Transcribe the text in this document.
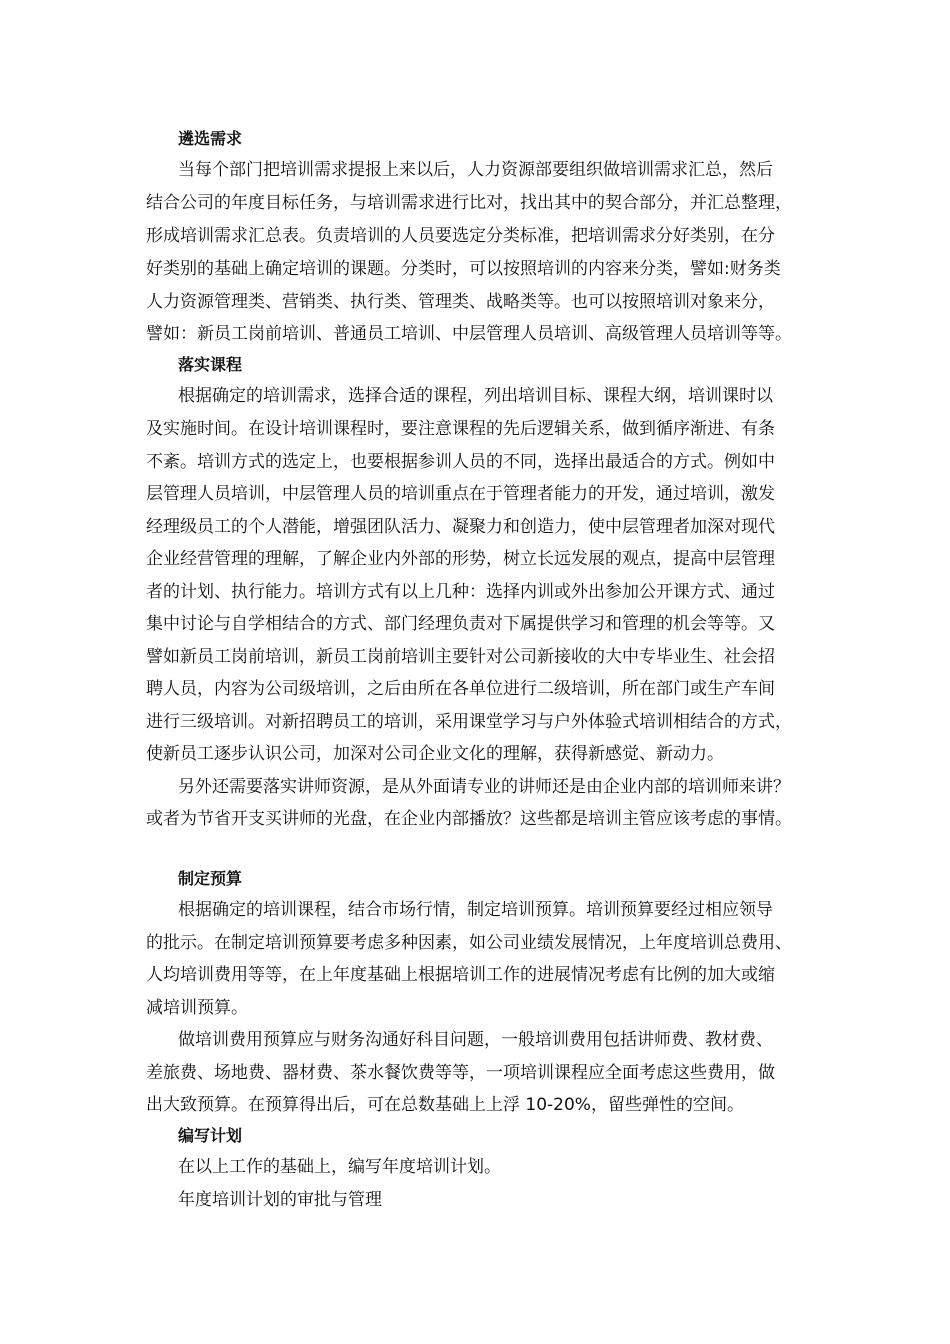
遴选需求
当每个部门把培训需求提报上来以后，人力资源部要组织做培训需求汇总，然后
结合公司的年度目标任务，与培训需求进行比对，找出其中的契合部分，并汇总整理，
形成培训需求汇总表。负责培训的人员要选定分类标准，把培训需求分好类别，在分
好类别的基础上确定培训的课题。分类时，可以按照培训的内容来分类，譬如:财务类
人力资源管理类、营销类、执行类、管理类、战略类等。也可以按照培训对象来分，
譬如：新员工岗前培训、普通员工培训、中层管理人员培训、高级管理人员培训等等。
落实课程
根据确定的培训需求，选择合适的课程，列出培训目标、课程大纲，培训课时以
及实施时间。在设计培训课程时，要注意课程的先后逻辑关系，做到循序渐进、有条
不紊。培训方式的选定上，也要根据参训人员的不同，选择出最适合的方式。例如中
层管理人员培训，中层管理人员的培训重点在于管理者能力的开发，通过培训，激发
经理级员工的个人潜能，增强团队活力、凝聚力和创造力，使中层管理者加深对现代
企业经营管理的理解，了解企业内外部的形势，树立长远发展的观点，提高中层管理
者的计划、执行能力。培训方式有以上几种：选择内训或外出参加公开课方式、通过
集中讨论与自学相结合的方式、部门经理负责对下属提供学习和管理的机会等等。又
譬如新员工岗前培训，新员工岗前培训主要针对公司新接收的大中专毕业生、社会招
聘人员，内容为公司级培训，之后由所在各单位进行二级培训，所在部门或生产车间
进行三级培训。对新招聘员工的培训，采用课堂学习与户外体验式培训相结合的方式，
使新员工逐步认识公司，加深对公司企业文化的理解，获得新感觉、新动力。
另外还需要落实讲师资源，是从外面请专业的讲师还是由企业内部的培训师来讲？
或者为节省开支买讲师的光盘，在企业内部播放？这些都是培训主管应该考虑的事情。
制定预算
根据确定的培训课程，结合市场行情，制定培训预算。培训预算要经过相应领导
的批示。在制定培训预算要考虑多种因素，如公司业绩发展情况，上年度培训总费用、
人均培训费用等等，在上年度基础上根据培训工作的进展情况考虑有比例的加大或缩
减培训预算。
做培训费用预算应与财务沟通好科目问题，一般培训费用包括讲师费、教材费、
差旅费、场地费、器材费、茶水餐饮费等等，一项培训课程应全面考虑这些费用，做
出大致预算。在预算得出后，可在总数基础上上浮 10-20%，留些弹性的空间。
编写计划
在以上工作的基础上，编写年度培训计划。
年度培训计划的审批与管理
